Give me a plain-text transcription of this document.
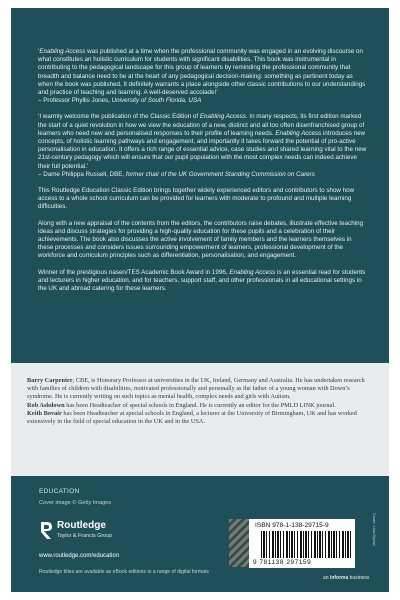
‘Enabling Access was published at a time when the professional community was engaged in an evolving discourse on what constitutes an holistic curriculum for students with significant disabilities. This book was instrumental in contributing to the pedagogical landscape for this group of learners by reminding the professional community that breadth and balance need to be at the heart of any pedagogical decision-making: something as pertinent today as when the book was published. It definitely warrants a place alongside other classic contributions to our understandings and practice of teaching and learning. A well-deserved accolade!’
– Professor Phyllis Jones, University of South Florida, USA

‘I warmly welcome the publication of the Classic Edition of Enabling Access. In many respects, its first edition marked the start of a quiet revolution in how we view the education of a new, distinct and all too often disenfranchised group of learners who need new and personalised responses to their profile of learning needs. Enabling Access introduces new concepts, of holistic learning pathways and engagement, and importantly it takes forward the potential of pro-active personalisation in education. It offers a rich range of essential advice, case studies and shared learning vital to the new 21st-century pedagogy which will ensure that our pupil population with the most complex needs can indeed achieve their full potential.’
– Dame Philippa Russell, DBE, former chair of the UK Government Standing Commission on Carers

This Routledge Education Classic Edition brings together widely experienced editors and contributors to show how access to a whole school curriculum can be provided for learners with moderate to profound and multiple learning difficulties.

Along with a new appraisal of the contents from the editors, the contributors raise debates, illustrate effective teaching ideas and discuss strategies for providing a high-quality education for these pupils and a celebration of their achievements. The book also discusses the active involvement of family members and the learners themselves in these processes and considers issues surrounding empowerment of learners, professional development of the workforce and curriculum principles such as differentiation, personalisation, and engagement.

Winner of the prestigious nasen/TES Academic Book Award in 1996, Enabling Access is an essential read for students and lecturers in higher education, and for teachers, support staff, and other professionals in all educational settings in the UK and abroad catering for these learners.

Barry Carpenter, CBE, is Honorary Professor at universities in the UK, Ireland, Germany and Australia. He has undertaken research with families of children with disabilities, motivated professionally and personally as the father of a young woman with Down’s syndrome. He is currently writing on such topics as mental health, complex needs and girls with Autism.

Rob Ashdown has been Headteacher of special schools in England. He is currently an editor for the PMLD LINK journal.

Keith Bovair has been Headteacher at special schools in England, a lecturer at the University of Birmingham, UK and has worked extensively in the field of special education in the UK and in the USA.

EDUCATION
Cover image © Getty Images
Routledge
Taylor & Francis Group
www.routledge.com/education
Routledge titles are available as eBook editions in a range of digital formats
ISBN 978-1-138-29715-9
9 781138 297159
Cover: Lisa Dynan
an informa business
